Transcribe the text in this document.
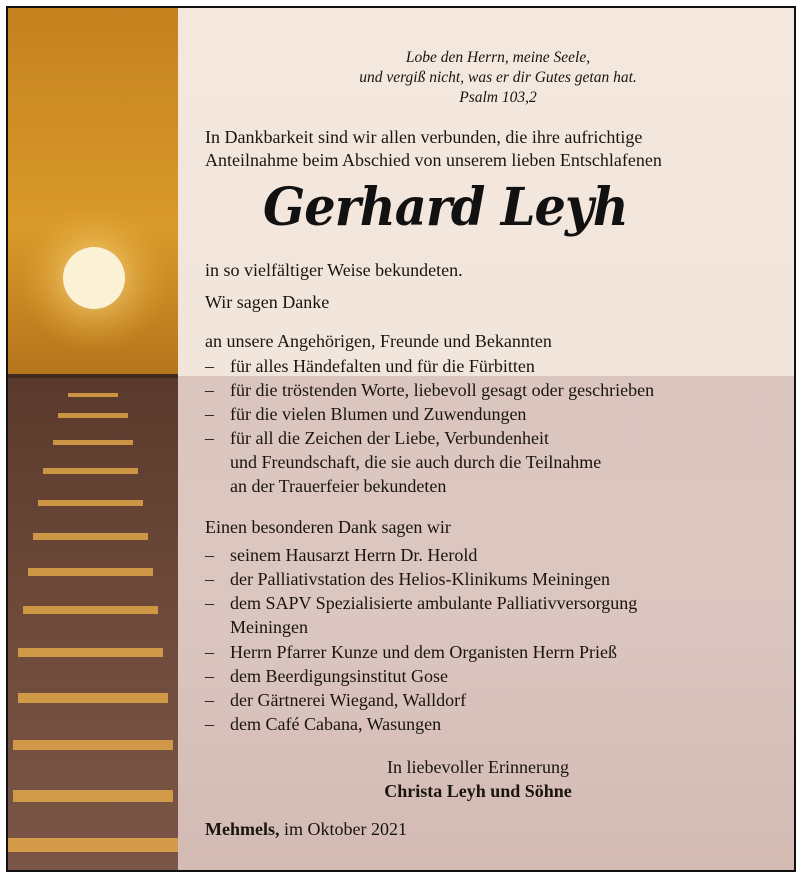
Lobe den Herrn, meine Seele,
und vergiß nicht, was er dir Gutes getan hat.
Psalm 103,2
In Dankbarkeit sind wir allen verbunden, die ihre aufrichtige
Anteilnahme beim Abschied von unserem lieben Entschlafenen
Gerhard Leyh
in so vielfältiger Weise bekundeten.
Wir sagen Danke
an unsere Angehörigen, Freunde und Bekannten
– für alles Händefalten und für die Fürbitten
– für die tröstenden Worte, liebevoll gesagt oder geschrieben
– für die vielen Blumen und Zuwendungen
– für all die Zeichen der Liebe, Verbundenheit
und Freundschaft, die sie auch durch die Teilnahme
an der Trauerfeier bekundeten
Einen besonderen Dank sagen wir
– seinem Hausarzt Herrn Dr. Herold
– der Palliativstation des Helios-Klinikums Meiningen
– dem SAPV Spezialisierte ambulante Palliativversorgung
Meiningen
– Herrn Pfarrer Kunze und dem Organisten Herrn Prieß
– dem Beerdigungsinstitut Gose
– der Gärtnerei Wiegand, Walldorf
– dem Café Cabana, Wasungen
In liebevoller Erinnerung
Christa Leyh und Söhne
Mehmels, im Oktober 2021
